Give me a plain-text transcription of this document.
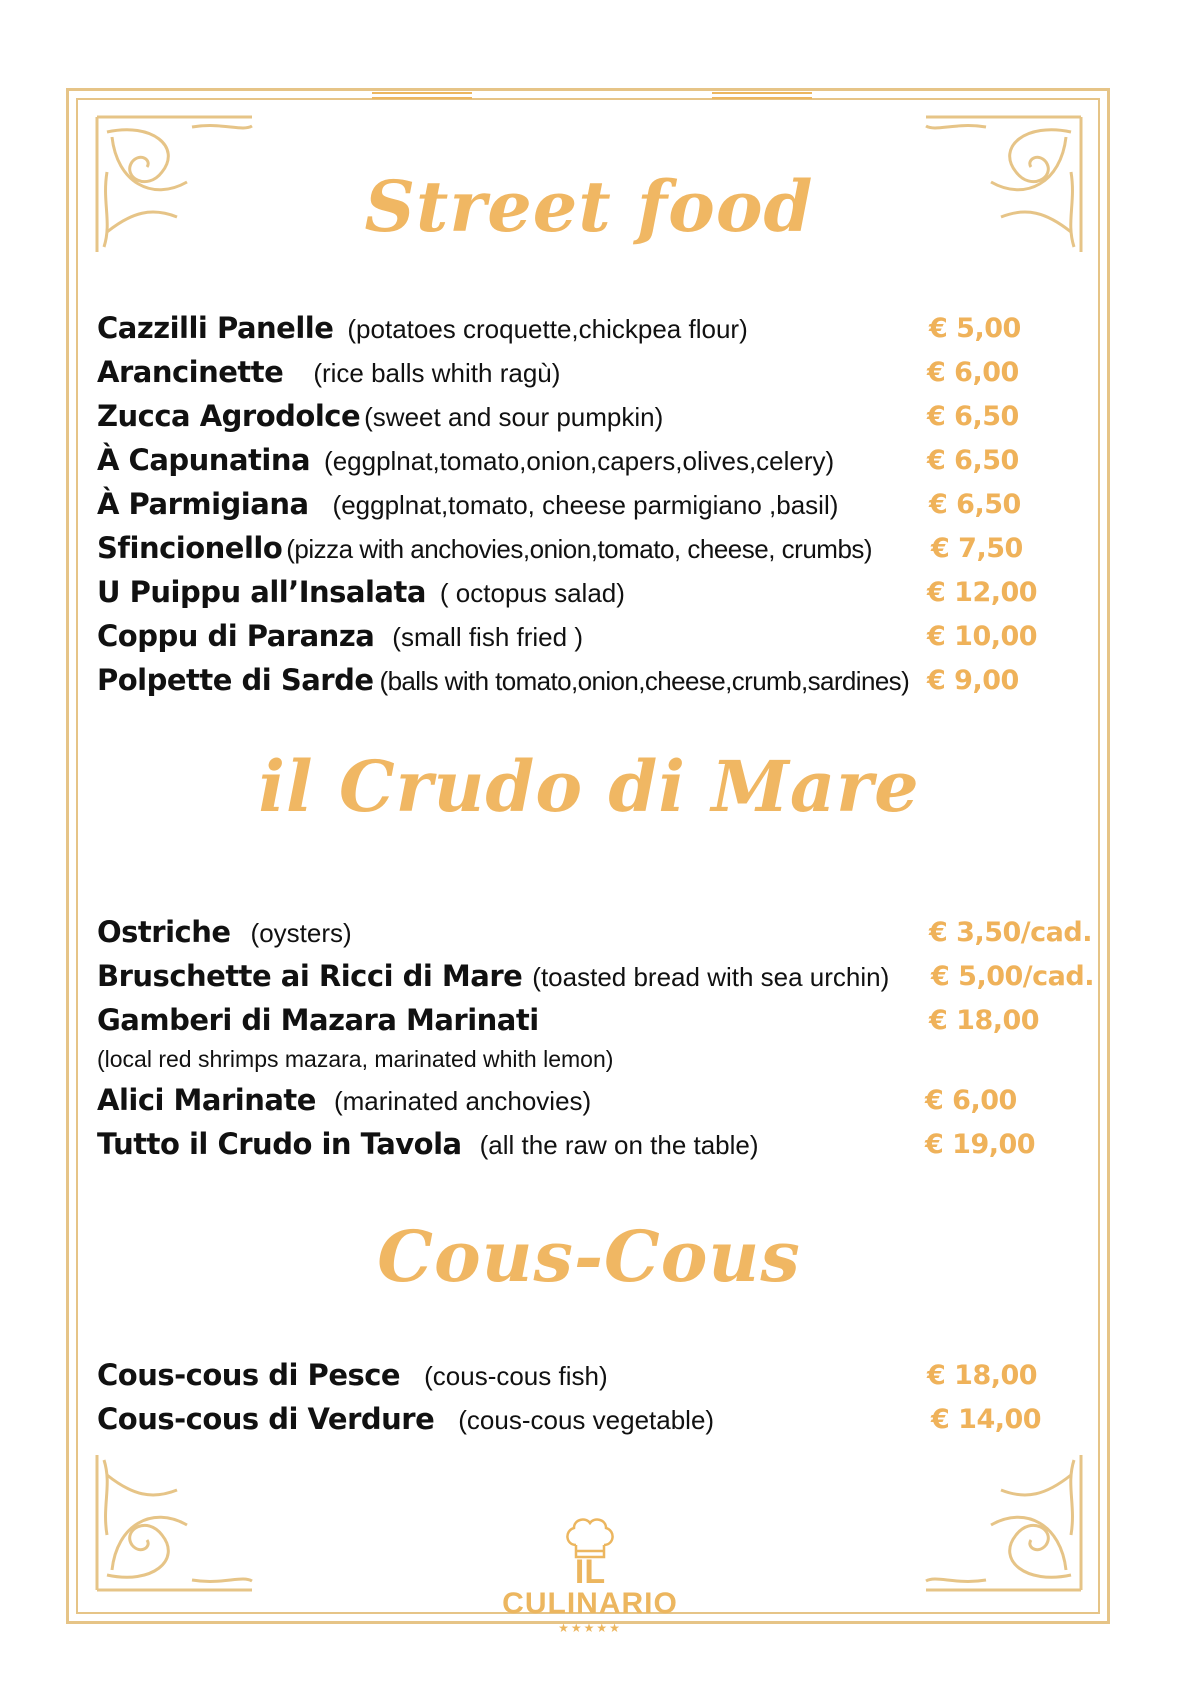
Street food
Cazzilli Panelle (potatoes croquette,chickpea flour)	€ 5,00
Arancinette (rice balls whith ragù)	€ 6,00
Zucca Agrodolce (sweet and sour pumpkin)	€ 6,50
À Capunatina (eggplnat,tomato,onion,capers,olives,celery)	€ 6,50
À Parmigiana (eggplnat,tomato, cheese parmigiano ,basil)	€ 6,50
Sfincionello (pizza with anchovies,onion,tomato, cheese, crumbs) € 7,50
U Puippu all’Insalata ( octopus salad)	€ 12,00
Coppu di Paranza (small fish fried )	€ 10,00
Polpette di Sarde (balls with tomato,onion,cheese,crumb,sardines) € 9,00
il Crudo di Mare
Ostriche (oysters)	€ 3,50/cad.
Bruschette ai Ricci di Mare (toasted bread with sea urchin) € 5,00/cad.
Gamberi di Mazara Marinati	€ 18,00
(local red shrimps mazara, marinated whith lemon)
Alici Marinate (marinated anchovies)	€ 6,00
Tutto il Crudo in Tavola (all the raw on the table)	€ 19,00
Cous-Cous
Cous-cous di Pesce (cous-cous fish)	€ 18,00
Cous-cous di Verdure (cous-cous vegetable)	€ 14,00
IL
CULINARIO
★★★★★
